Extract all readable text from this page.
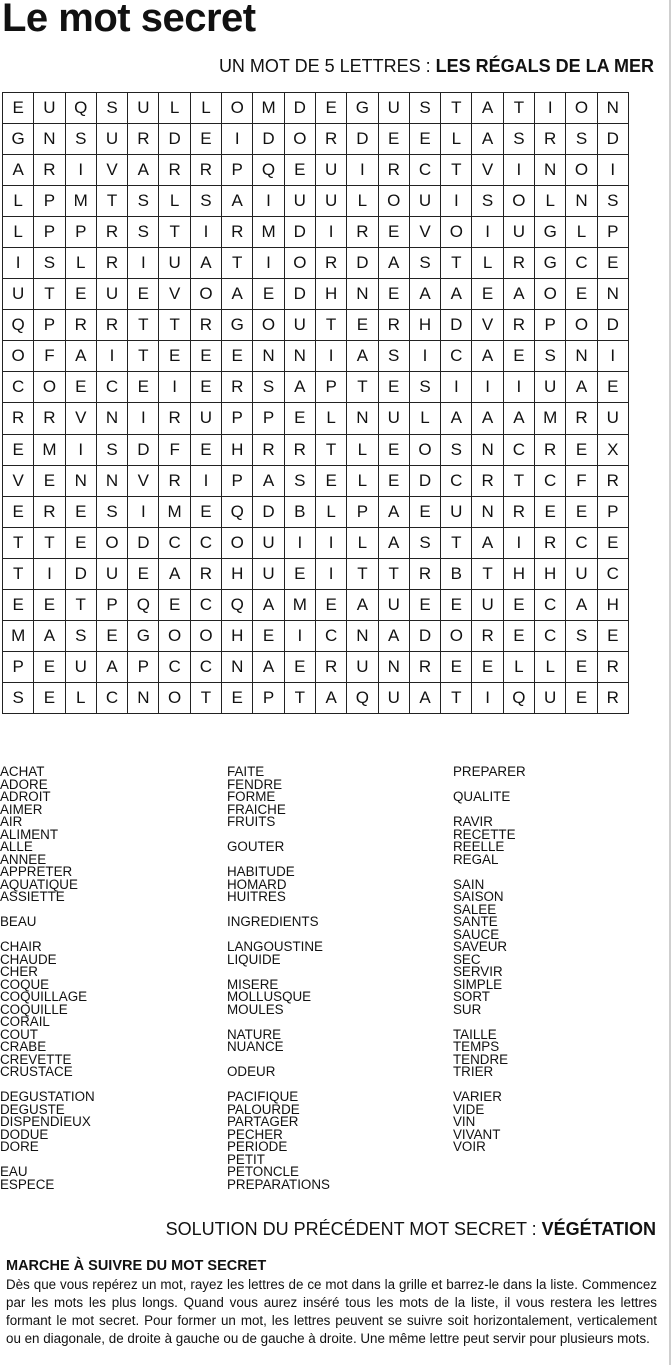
Le mot secret
UN MOT DE 5 LETTRES : LES RÉGALS DE LA MER
E	U	Q	S	U	L	L	O	M	D	E	G	U	S	T	A	T	I	O	N
G	N	S	U	R	D	E	I	D	O	R	D	E	E	L	A	S	R	S	D
A	R	I	V	A	R	R	P	Q	E	U	I	R	C	T	V	I	N	O	I
L	P	M	T	S	L	S	A	I	U	U	L	O	U	I	S	O	L	N	S
L	P	P	R	S	T	I	R	M	D	I	R	E	V	O	I	U	G	L	P
I	S	L	R	I	U	A	T	I	O	R	D	A	S	T	L	R	G	C	E
U	T	E	U	E	V	O	A	E	D	H	N	E	A	A	E	A	O	E	N
Q	P	R	R	T	T	R	G	O	U	T	E	R	H	D	V	R	P	O	D
O	F	A	I	T	E	E	E	N	N	I	A	S	I	C	A	E	S	N	I
C	O	E	C	E	I	E	R	S	A	P	T	E	S	I	I	I	U	A	E
R	R	V	N	I	R	U	P	P	E	L	N	U	L	A	A	A	M	R	U
E	M	I	S	D	F	E	H	R	R	T	L	E	O	S	N	C	R	E	X
V	E	N	N	V	R	I	P	A	S	E	L	E	D	C	R	T	C	F	R
E	R	E	S	I	M	E	Q	D	B	L	P	A	E	U	N	R	E	E	P
T	T	E	O	D	C	C	O	U	I	I	L	A	S	T	A	I	R	C	E
T	I	D	U	E	A	R	H	U	E	I	T	T	R	B	T	H	H	U	C
E	E	T	P	Q	E	C	Q	A	M	E	A	U	E	E	U	E	C	A	H
M	A	S	E	G	O	O	H	E	I	C	N	A	D	O	R	E	C	S	E
P	E	U	A	P	C	C	N	A	E	R	U	N	R	E	E	L	L	E	R
S	E	L	C	N	O	T	E	P	T	A	Q	U	A	T	I	Q	U	E	R
ACHAT
ADORE
ADROIT
AIMER
AIR
ALIMENT
ALLE
ANNEE
APPRETER
AQUATIQUE
ASSIETTE
BEAU
CHAIR
CHAUDE
CHER
COQUE
COQUILLAGE
COQUILLE
CORAIL
COUT
CRABE
CREVETTE
CRUSTACE
DEGUSTATION
DEGUSTE
DISPENDIEUX
DODUE
DORE
EAU
ESPECE
FAITE
FENDRE
FORME
FRAICHE
FRUITS
GOUTER
HABITUDE
HOMARD
HUITRES
INGREDIENTS
LANGOUSTINE
LIQUIDE
MISERE
MOLLUSQUE
MOULES
NATURE
NUANCE
ODEUR
PACIFIQUE
PALOURDE
PARTAGER
PECHER
PERIODE
PETIT
PETONCLE
PREPARATIONS
PREPARER
QUALITE
RAVIR
RECETTE
REELLE
REGAL
SAIN
SAISON
SALEE
SANTE
SAUCE
SAVEUR
SEC
SERVIR
SIMPLE
SORT
SUR
TAILLE
TEMPS
TENDRE
TRIER
VARIER
VIDE
VIN
VIVANT
VOIR
SOLUTION DU PRÉCÉDENT MOT SECRET : VÉGÉTATION
MARCHE À SUIVRE DU MOT SECRET
Dès que vous repérez un mot, rayez les lettres de ce mot dans la grille et barrez-le dans la liste. Commencez par les mots les plus longs. Quand vous aurez inséré tous les mots de la liste, il vous restera les lettres formant le mot secret. Pour former un mot, les lettres peuvent se suivre soit horizontalement, verticalement ou en diagonale, de droite à gauche ou de gauche à droite. Une même lettre peut servir pour plusieurs mots.
